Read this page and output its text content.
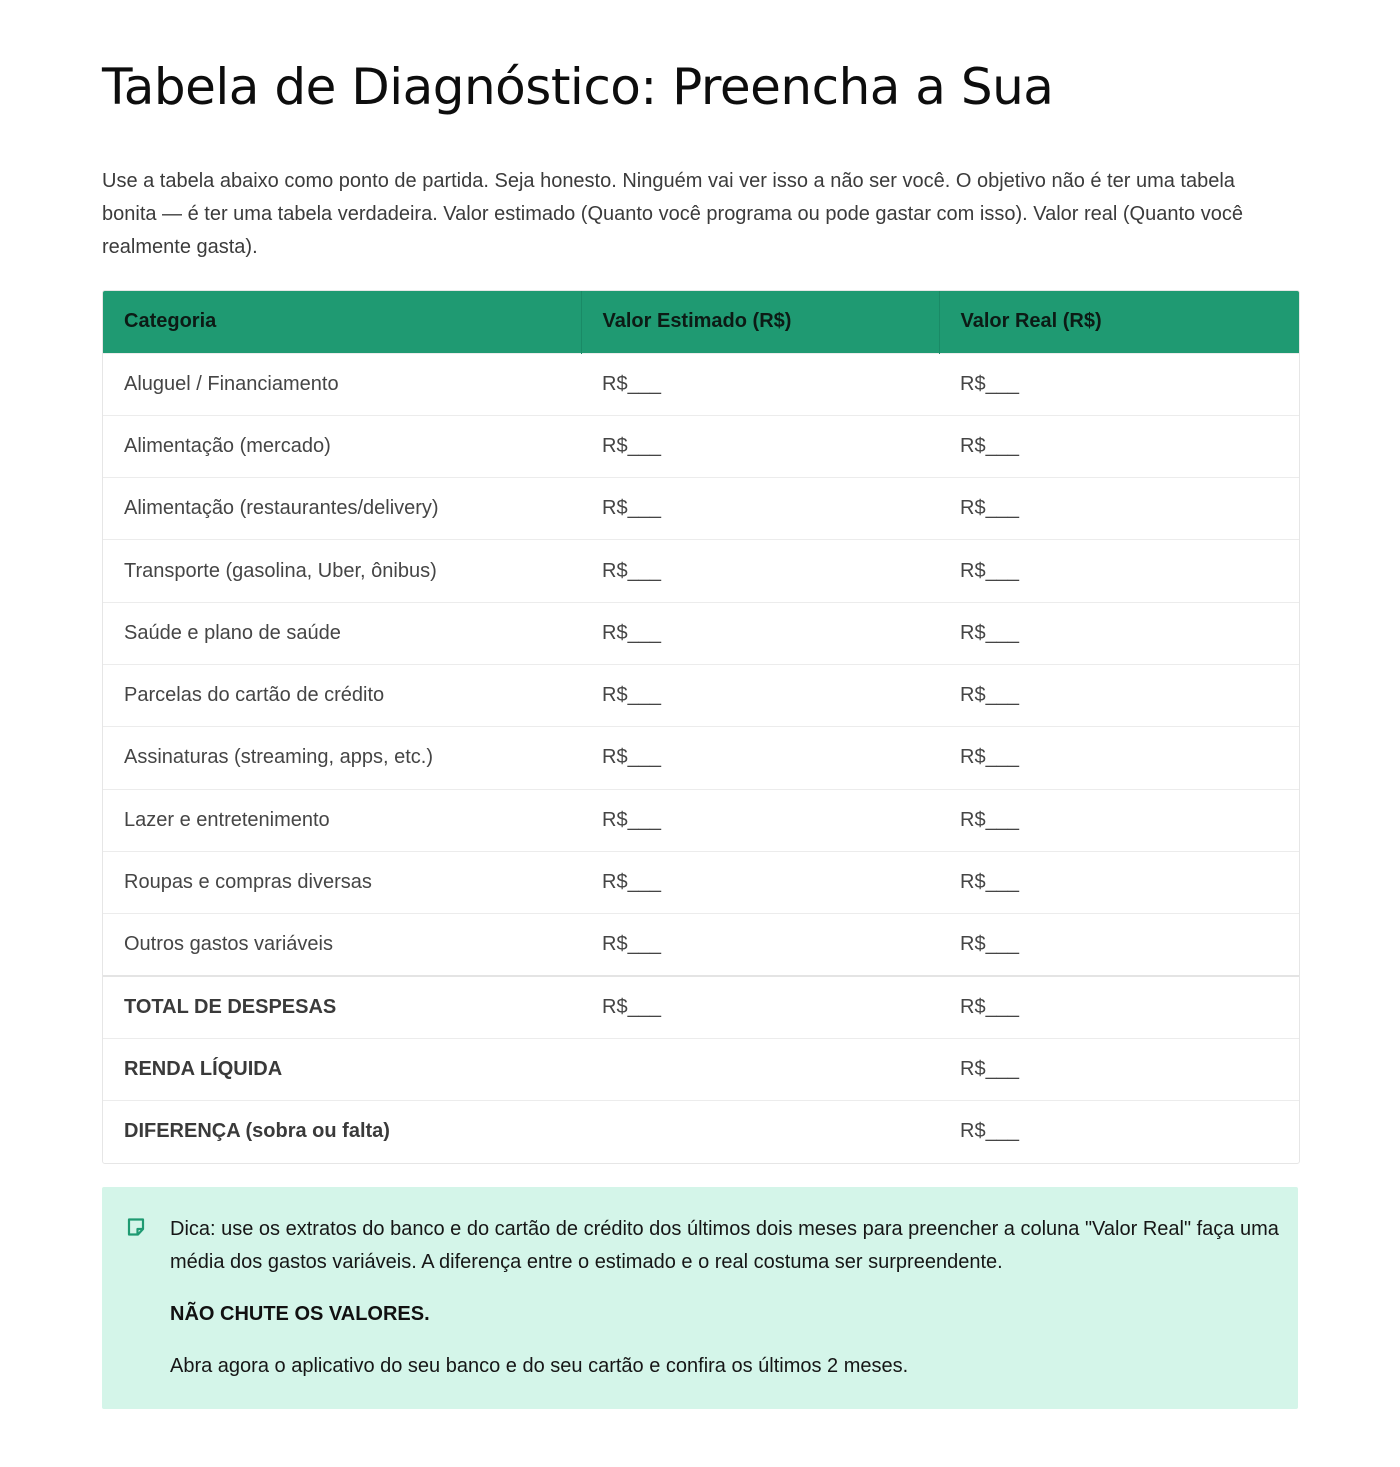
Tabela de Diagnóstico: Preencha a Sua

Use a tabela abaixo como ponto de partida. Seja honesto. Ninguém vai ver isso a não ser você. O objetivo não é ter uma tabela bonita — é ter uma tabela verdadeira. Valor estimado (Quanto você programa ou pode gastar com isso). Valor real (Quanto você realmente gasta).

Categoria	Valor Estimado (R$)	Valor Real (R$)
Aluguel / Financiamento	R$___	R$___
Alimentação (mercado)	R$___	R$___
Alimentação (restaurantes/delivery)	R$___	R$___
Transporte (gasolina, Uber, ônibus)	R$___	R$___
Saúde e plano de saúde	R$___	R$___
Parcelas do cartão de crédito	R$___	R$___
Assinaturas (streaming, apps, etc.)	R$___	R$___
Lazer e entretenimento	R$___	R$___
Roupas e compras diversas	R$___	R$___
Outros gastos variáveis	R$___	R$___
TOTAL DE DESPESAS	R$___	R$___
RENDA LÍQUIDA		R$___
DIFERENÇA (sobra ou falta)		R$___

Dica: use os extratos do banco e do cartão de crédito dos últimos dois meses para preencher a coluna "Valor Real" faça uma média dos gastos variáveis. A diferença entre o estimado e o real costuma ser surpreendente.

NÃO CHUTE OS VALORES.

Abra agora o aplicativo do seu banco e do seu cartão e confira os últimos 2 meses.
